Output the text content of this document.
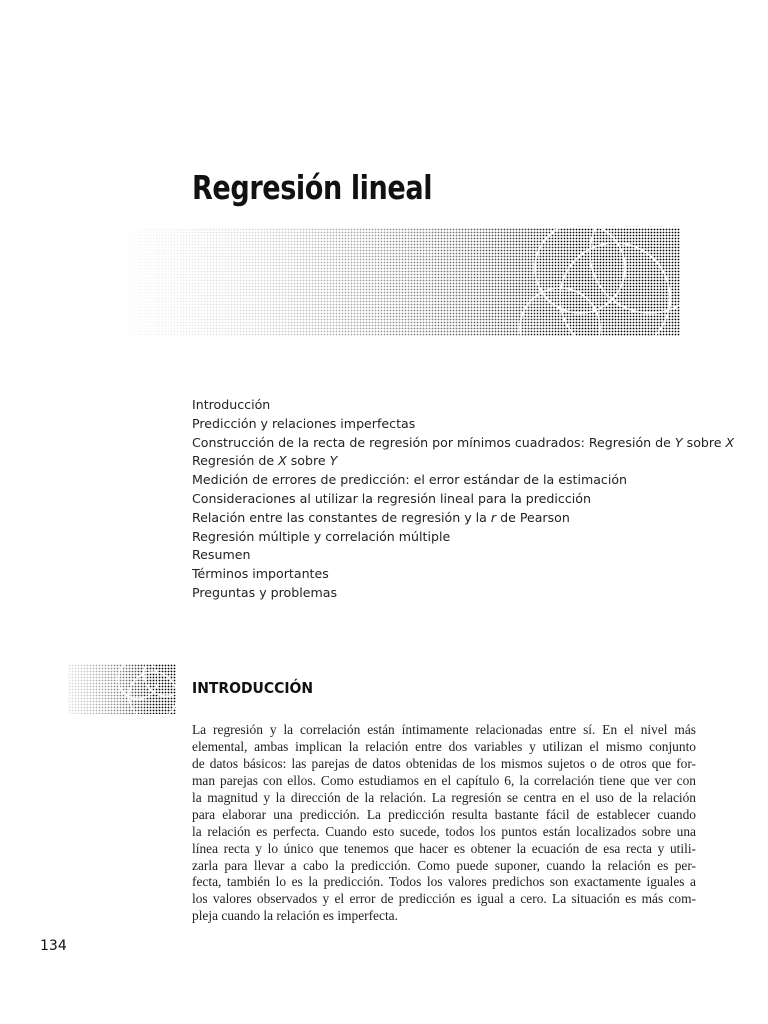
Regresión lineal
Introducción
Predicción y relaciones imperfectas
Construcción de la recta de regresión por mínimos cuadrados: Regresión de Y sobre X
Regresión de X sobre Y
Medición de errores de predicción: el error estándar de la estimación
Consideraciones al utilizar la regresión lineal para la predicción
Relación entre las constantes de regresión y la r de Pearson
Regresión múltiple y correlación múltiple
Resumen
Términos importantes
Preguntas y problemas
INTRODUCCIÓN
La regresión y la correlación están íntimamente relacionadas entre sí. En el nivel más
elemental, ambas implican la relación entre dos variables y utilizan el mismo conjunto
de datos básicos: las parejas de datos obtenidas de los mismos sujetos o de otros que for-
man parejas con ellos. Como estudiamos en el capítulo 6, la correlación tiene que ver con
la magnitud y la dirección de la relación. La regresión se centra en el uso de la relación
para elaborar una predicción. La predicción resulta bastante fácil de establecer cuando
la relación es perfecta. Cuando esto sucede, todos los puntos están localizados sobre una
línea recta y lo único que tenemos que hacer es obtener la ecuación de esa recta y utili-
zarla para llevar a cabo la predicción. Como puede suponer, cuando la relación es per-
fecta, también lo es la predicción. Todos los valores predichos son exactamente iguales a
los valores observados y el error de predicción es igual a cero. La situación es más com-
pleja cuando la relación es imperfecta.
134
